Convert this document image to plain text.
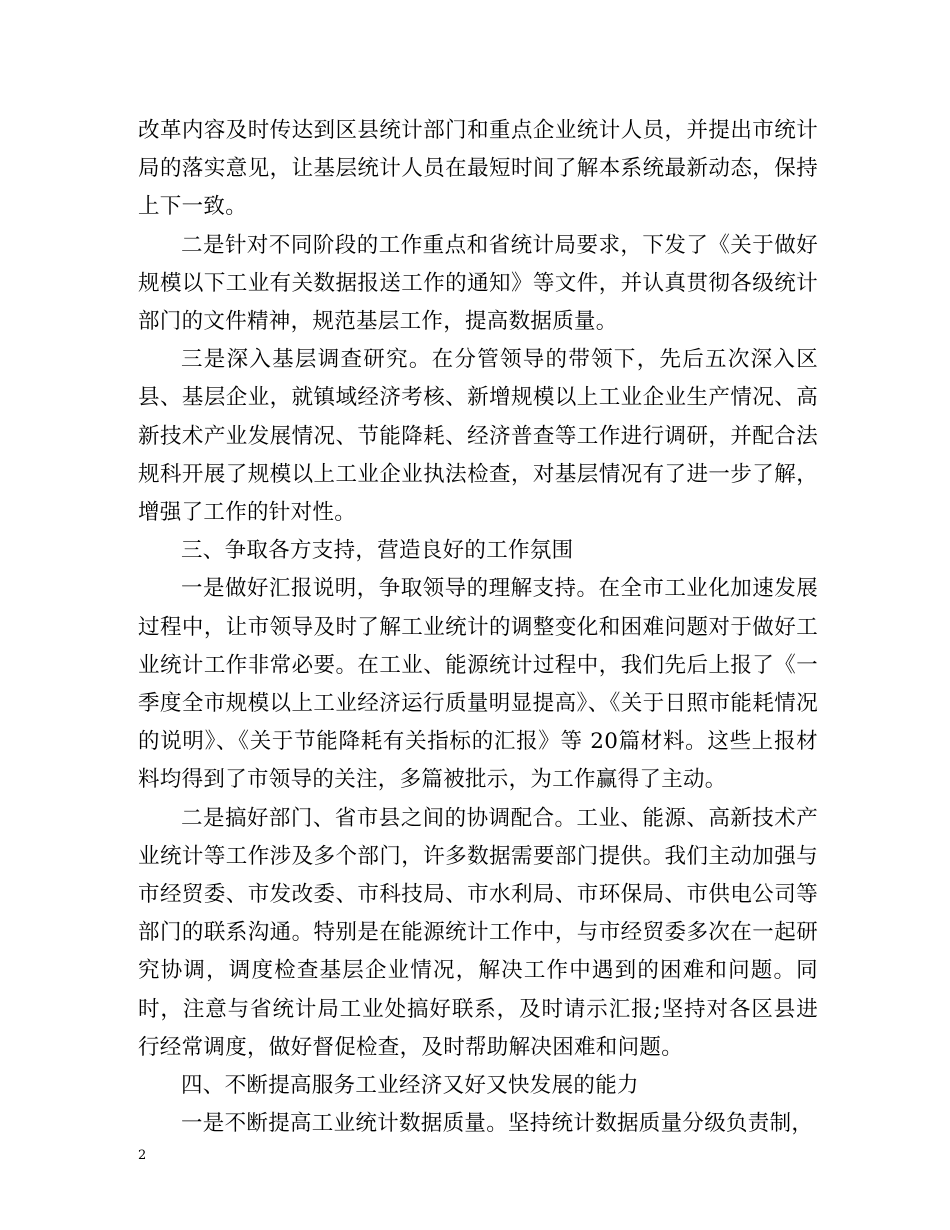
改革内容及时传达到区县统计部门和重点企业统计人员，并提出市统计局的落实意见，让基层统计人员在最短时间了解本系统最新动态，保持上下一致。

二是针对不同阶段的工作重点和省统计局要求，下发了《关于做好规模以下工业有关数据报送工作的通知》等文件，并认真贯彻各级统计部门的文件精神，规范基层工作，提高数据质量。

三是深入基层调查研究。在分管领导的带领下，先后五次深入区县、基层企业，就镇域经济考核、新增规模以上工业企业生产情况、高新技术产业发展情况、节能降耗、经济普查等工作进行调研，并配合法规科开展了规模以上工业企业执法检查，对基层情况有了进一步了解，增强了工作的针对性。

三、争取各方支持，营造良好的工作氛围

一是做好汇报说明，争取领导的理解支持。在全市工业化加速发展过程中，让市领导及时了解工业统计的调整变化和困难问题对于做好工业统计工作非常必要。在工业、能源统计过程中，我们先后上报了《一季度全市规模以上工业经济运行质量明显提高》、《关于日照市能耗情况的说明》、《关于节能降耗有关指标的汇报》等 20篇材料。这些上报材料均得到了市领导的关注，多篇被批示，为工作赢得了主动。

二是搞好部门、省市县之间的协调配合。工业、能源、高新技术产业统计等工作涉及多个部门，许多数据需要部门提供。我们主动加强与市经贸委、市发改委、市科技局、市水利局、市环保局、市供电公司等部门的联系沟通。特别是在能源统计工作中，与市经贸委多次在一起研究协调，调度检查基层企业情况，解决工作中遇到的困难和问题。同时，注意与省统计局工业处搞好联系，及时请示汇报;坚持对各区县进行经常调度，做好督促检查，及时帮助解决困难和问题。

四、不断提高服务工业经济又好又快发展的能力

一是不断提高工业统计数据质量。坚持统计数据质量分级负责制，

2
